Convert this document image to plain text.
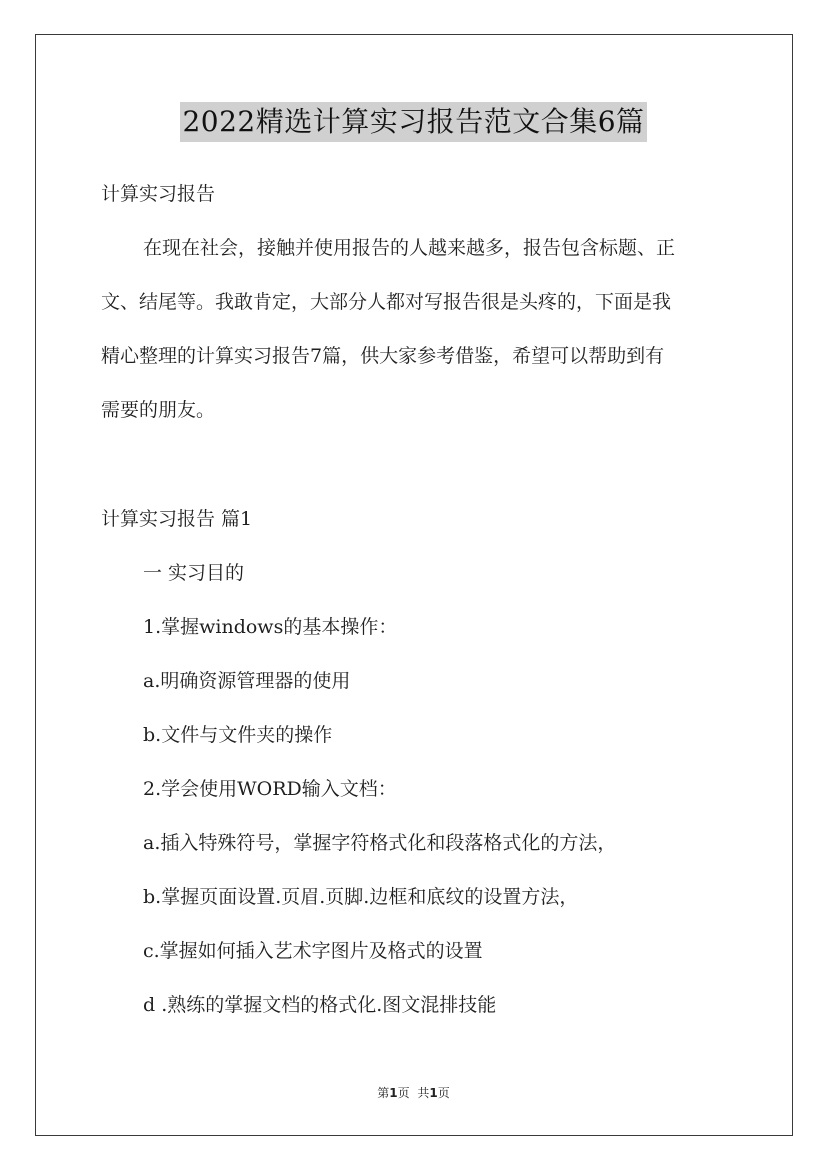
2022精选计算实习报告范文合集6篇
计算实习报告
在现在社会，接触并使用报告的人越来越多，报告包含标题、正
文、结尾等。我敢肯定，大部分人都对写报告很是头疼的，下面是我
精心整理的计算实习报告7篇，供大家参考借鉴，希望可以帮助到有
需要的朋友。
计算实习报告 篇1
一 实习目的
1.掌握windows的基本操作：
a.明确资源管理器的使用
b.文件与文件夹的操作
2.学会使用WORD输入文档：
a.插入特殊符号，掌握字符格式化和段落格式化的方法，
b.掌握页面设置.页眉.页脚.边框和底纹的设置方法，
c.掌握如何插入艺术字图片及格式的设置
d .熟练的掌握文档的格式化.图文混排技能
第1页 共1页
